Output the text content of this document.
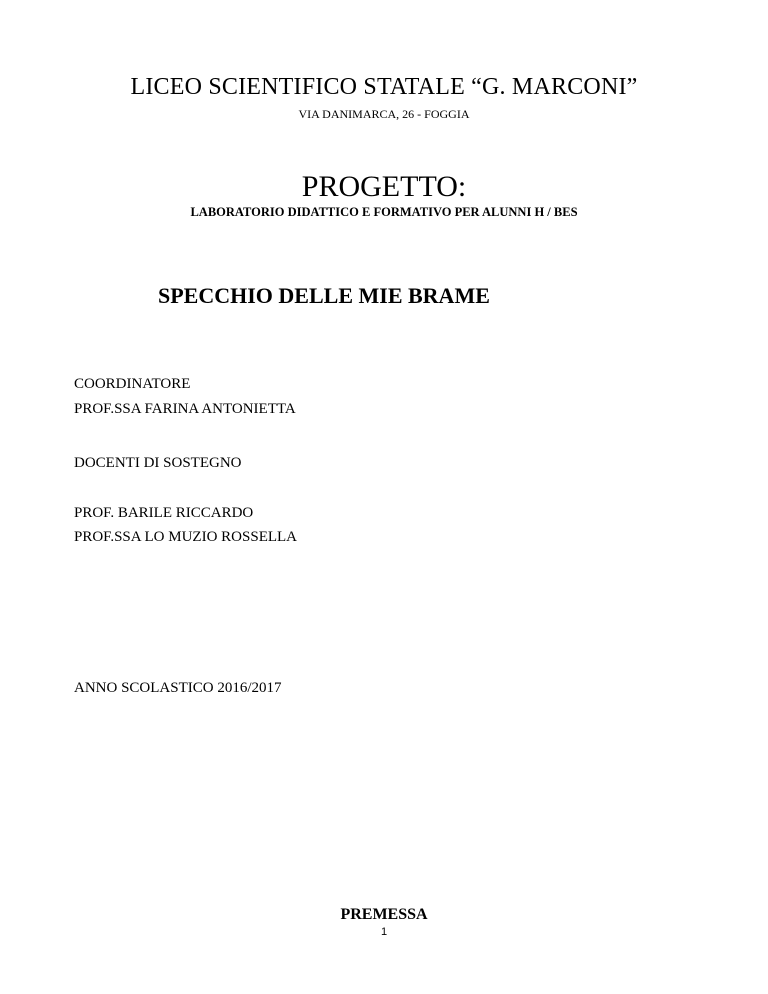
LICEO SCIENTIFICO STATALE “G. MARCONI”
VIA DANIMARCA, 26 - FOGGIA
PROGETTO:
LABORATORIO DIDATTICO E FORMATIVO PER ALUNNI H / BES
SPECCHIO DELLE MIE BRAME
COORDINATORE
PROF.SSA FARINA ANTONIETTA
DOCENTI DI SOSTEGNO
PROF. BARILE RICCARDO
PROF.SSA LO MUZIO ROSSELLA
ANNO SCOLASTICO 2016/2017
PREMESSA
1
